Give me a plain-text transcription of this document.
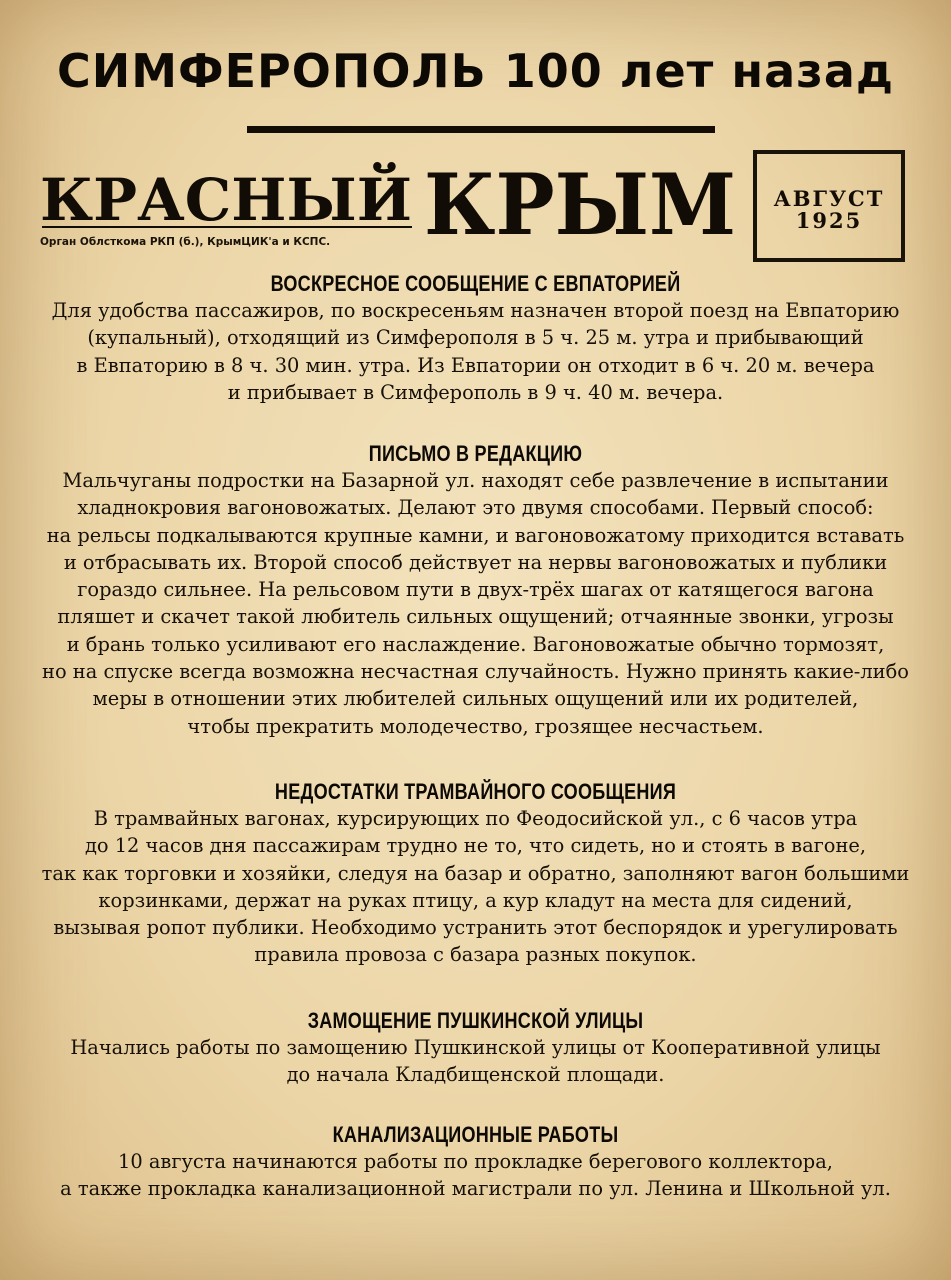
СИМФЕРОПОЛЬ 100 лет назад
КРАСНЫЙ КРЫМ
Орган Облсткома РКП (б.), КрымЦИК'а и КСПС.
АВГУСТ
1925
ВОСКРЕСНОЕ СООБЩЕНИЕ С ЕВПАТОРИЕЙ
Для удобства пассажиров, по воскресеньям назначен второй поезд на Евпаторию
(купальный), отходящий из Симферополя в 5 ч. 25 м. утра и прибывающий
в Евпаторию в 8 ч. 30 мин. утра. Из Евпатории он отходит в 6 ч. 20 м. вечера
и прибывает в Симферополь в 9 ч. 40 м. вечера.
ПИСЬМО В РЕДАКЦИЮ
Мальчуганы подростки на Базарной ул. находят себе развлечение в испытании
хладнокровия вагоновожатых. Делают это двумя способами. Первый способ:
на рельсы подкалываются крупные камни, и вагоновожатому приходится вставать
и отбрасывать их. Второй способ действует на нервы вагоновожатых и публики
гораздо сильнее. На рельсовом пути в двух-трёх шагах от катящегося вагона
пляшет и скачет такой любитель сильных ощущений; отчаянные звонки, угрозы
и брань только усиливают его наслаждение. Вагоновожатые обычно тормозят,
но на спуске всегда возможна несчастная случайность. Нужно принять какие-либо
меры в отношении этих любителей сильных ощущений или их родителей,
чтобы прекратить молодечество, грозящее несчастьем.
НЕДОСТАТКИ ТРАМВАЙНОГО СООБЩЕНИЯ
В трамвайных вагонах, курсирующих по Феодосийской ул., с 6 часов утра
до 12 часов дня пассажирам трудно не то, что сидеть, но и стоять в вагоне,
так как торговки и хозяйки, следуя на базар и обратно, заполняют вагон большими
корзинками, держат на руках птицу, а кур кладут на места для сидений,
вызывая ропот публики. Необходимо устранить этот беспорядок и урегулировать
правила провоза с базара разных покупок.
ЗАМОЩЕНИЕ ПУШКИНСКОЙ УЛИЦЫ
Начались работы по замощению Пушкинской улицы от Кооперативной улицы
до начала Кладбищенской площади.
КАНАЛИЗАЦИОННЫЕ РАБОТЫ
10 августа начинаются работы по прокладке берегового коллектора,
а также прокладка канализационной магистрали по ул. Ленина и Школьной ул.
